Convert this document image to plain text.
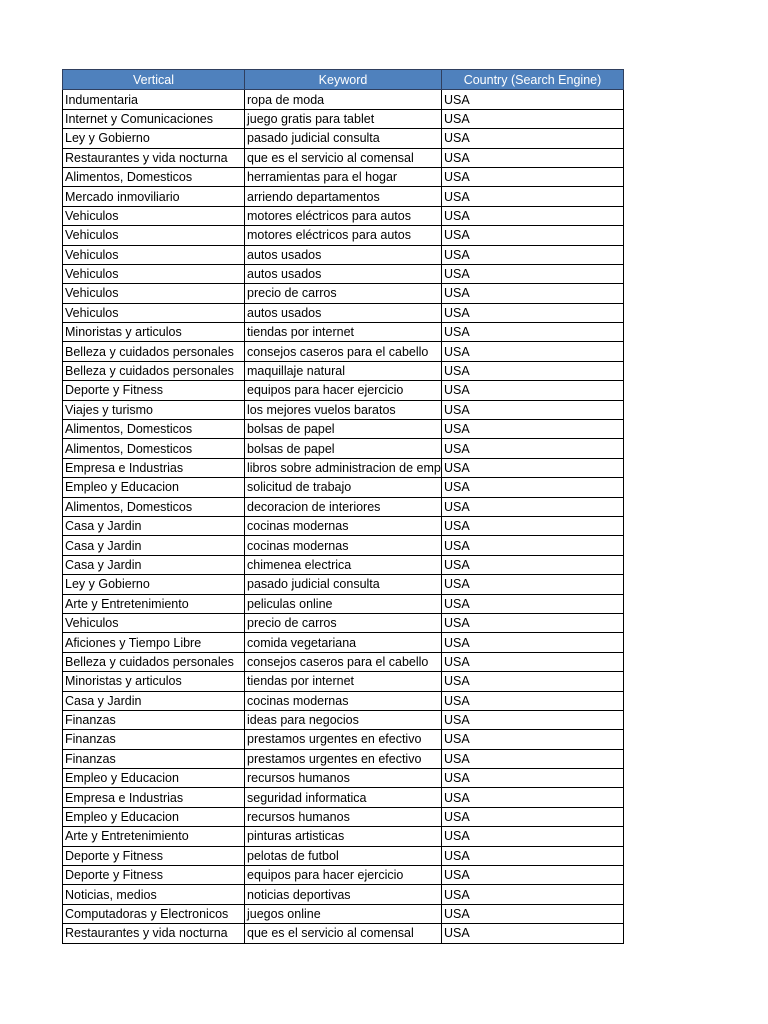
Vertical	Keyword	Country (Search Engine)
Indumentaria	ropa de moda	USA
Internet y Comunicaciones	juego gratis para tablet	USA
Ley y Gobierno	pasado judicial consulta	USA
Restaurantes y vida nocturna	que es el servicio al comensal	USA
Alimentos, Domesticos	herramientas para el hogar	USA
Mercado inmoviliario	arriendo departamentos	USA
Vehiculos	motores eléctricos para autos	USA
Vehiculos	motores eléctricos para autos	USA
Vehiculos	autos usados	USA
Vehiculos	autos usados	USA
Vehiculos	precio de carros	USA
Vehiculos	autos usados	USA
Minoristas y articulos	tiendas por internet	USA
Belleza y cuidados personales	consejos caseros para el cabello	USA
Belleza y cuidados personales	maquillaje natural	USA
Deporte y Fitness	equipos para hacer ejercicio	USA
Viajes y turismo	los mejores vuelos baratos	USA
Alimentos, Domesticos	bolsas de papel	USA
Alimentos, Domesticos	bolsas de papel	USA
Empresa e Industrias	libros sobre administracion de emp	USA
Empleo y Educacion	solicitud de trabajo	USA
Alimentos, Domesticos	decoracion de interiores	USA
Casa y Jardin	cocinas modernas	USA
Casa y Jardin	cocinas modernas	USA
Casa y Jardin	chimenea electrica	USA
Ley y Gobierno	pasado judicial consulta	USA
Arte y Entretenimiento	peliculas online	USA
Vehiculos	precio de carros	USA
Aficiones y Tiempo Libre	comida vegetariana	USA
Belleza y cuidados personales	consejos caseros para el cabello	USA
Minoristas y articulos	tiendas por internet	USA
Casa y Jardin	cocinas modernas	USA
Finanzas	ideas para negocios	USA
Finanzas	prestamos urgentes en efectivo	USA
Finanzas	prestamos urgentes en efectivo	USA
Empleo y Educacion	recursos humanos	USA
Empresa e Industrias	seguridad informatica	USA
Empleo y Educacion	recursos humanos	USA
Arte y Entretenimiento	pinturas artisticas	USA
Deporte y Fitness	pelotas de futbol	USA
Deporte y Fitness	equipos para hacer ejercicio	USA
Noticias, medios	noticias deportivas	USA
Computadoras y Electronicos	juegos online	USA
Restaurantes y vida nocturna	que es el servicio al comensal	USA
